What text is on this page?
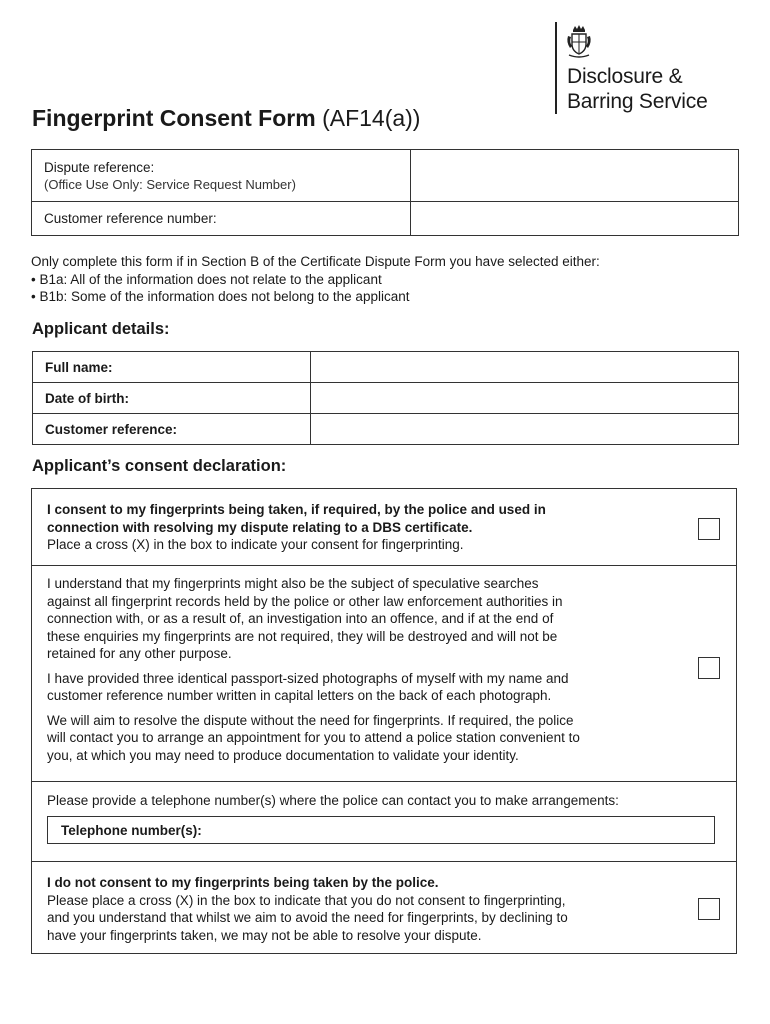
Disclosure &
Barring Service
Fingerprint Consent Form (AF14(a))
Dispute reference:
(Office Use Only: Service Request Number)	

Customer reference number:	
Only complete this form if in Section B of the Certificate Dispute Form you have selected either:
• B1a: All of the information does not relate to the applicant
• B1b: Some of the information does not belong to the applicant
Applicant details:
Full name:	
Date of birth:	
Customer reference:	
Applicant’s consent declaration:
I consent to my fingerprints being taken, if required, by the police and used in
connection with resolving my dispute relating to a DBS certificate.
Place a cross (X) in the box to indicate your consent for fingerprinting.
I understand that my fingerprints might also be the subject of speculative searches
against all fingerprint records held by the police or other law enforcement authorities in
connection with, or as a result of, an investigation into an offence, and if at the end of
these enquiries my fingerprints are not required, they will be destroyed and will not be
retained for any other purpose.
I have provided three identical passport-sized photographs of myself with my name and
customer reference number written in capital letters on the back of each photograph.
We will aim to resolve the dispute without the need for fingerprints. If required, the police
will contact you to arrange an appointment for you to attend a police station convenient to
you, at which you may need to produce documentation to validate your identity.
Please provide a telephone number(s) where the police can contact you to make arrangements:
Telephone number(s):
I do not consent to my fingerprints being taken by the police.
Please place a cross (X) in the box to indicate that you do not consent to fingerprinting,
and you understand that whilst we aim to avoid the need for fingerprints, by declining to
have your fingerprints taken, we may not be able to resolve your dispute.
